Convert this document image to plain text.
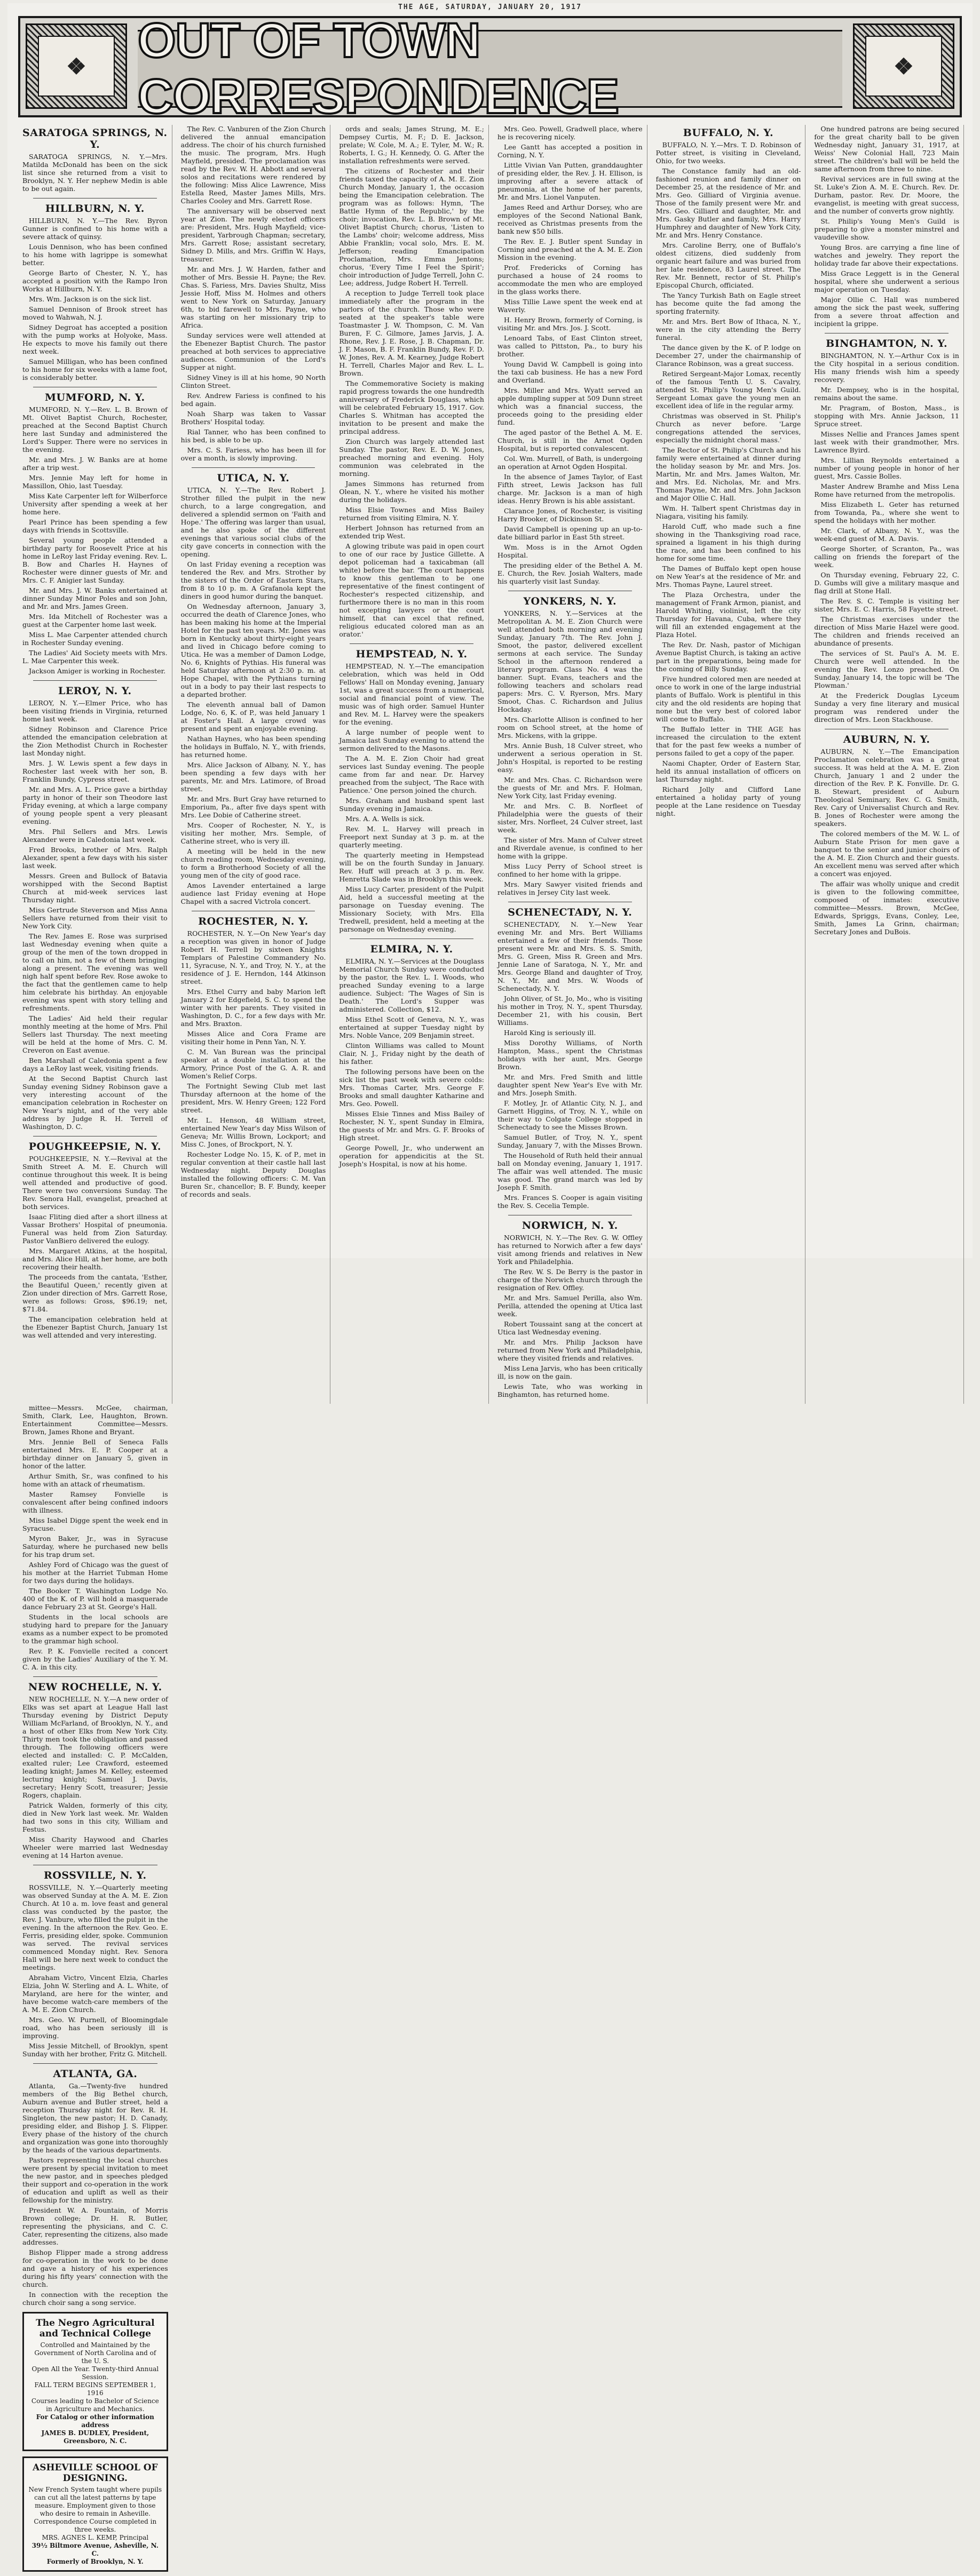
THE AGE, SATURDAY, JANUARY 20, 1917
❖	OUT OF TOWN CORRESPONDENCE
❖
SARATOGA SPRINGS, N. Y.

SARATOGA SPRINGS, N. Y.—Mrs. Matilda McDonald has been on the sick list since she returned from a visit to Brooklyn, N. Y. Her nephew Medin is able to be out again.

HILLBURN, N. Y.

HILLBURN, N. Y.—The Rev. Byron Gunner is confined to his home with a severe attack of quinsy.

Louis Dennison, who has been confined to his home with lagrippe is somewhat better.

George Barto of Chester, N. Y., has accepted a position with the Rampo Iron Works at Hillburn, N. Y.

Mrs. Wm. Jackson is on the sick list.

Samuel Dennison of Brook street has moved to Wahwah, N. J.

Sidney Degroat has accepted a position with the pump works at Holyoke, Mass. He expects to move his family out there next week.

Samuel Milligan, who has been confined to his home for six weeks with a lame foot, is considerably better.

MUMFORD, N. Y.

MUMFORD, N. Y.—Rev. L. B. Brown of Mt. Olivet Baptist Church, Rochester, preached at the Second Baptist Church here last Sunday and administered the Lord's Supper. There were no services in the evening.

Mr. and Mrs. J. W. Banks are at home after a trip west.

Mrs. Jennie May left for home in Massillon, Ohio, last Tuesday.

Miss Kate Carpenter left for Wilberforce University after spending a week at her home here.

Pearl Prince has been spending a few days with friends in Scottsville.

Several young people attended a birthday party for Roosevelt Price at his home in LeRoy last Friday evening. Rev. L. B. Bow and Charles H. Haynes of Rochester were dinner guests of Mr. and Mrs. C. F. Anigier last Sunday.

Mr. and Mrs. J. W. Banks entertained at dinner Sunday Minor Poles and son John, and Mr. and Mrs. James Green.

Mrs. Ida Mitchell of Rochester was a guest at the Carpenter home last week.

Miss L. Mae Carpenter attended church in Rochester Sunday evening.

The Ladies' Aid Society meets with Mrs. L. Mae Carpenter this week.

Jackson Amiger is working in Rochester.

LEROY, N. Y.

LEROY, N. Y.—Elmer Price, who has been visiting friends in Virginia, returned home last week.

Sidney Robinson and Clarence Price attended the emancipation celebration at the Zion Methodist Church in Rochester last Monday night.

Mrs. J. W. Lewis spent a few days in Rochester last week with her son, B. Franklin Bundy, Cypress street.

Mr. and Mrs. A. L. Price gave a birthday party in honor of their son Theodore last Friday evening, at which a large company of young people spent a very pleasant evening.

Mrs. Phil Sellers and Mrs. Lewis Alexander were in Caledonia last week.

Fred Brooks, brother of Mrs. Ralph Alexander, spent a few days with his sister last week.

Messrs. Green and Bullock of Batavia worshipped with the Second Baptist Church at mid-week services last Thursday night.

Miss Gertrude Steverson and Miss Anna Sellers have returned from their visit to New York City.

The Rev. James E. Rose was surprised last Wednesday evening when quite a group of the men of the town dropped in to call on him, not a few of them bringing along a present. The evening was well nigh half spent before Rev. Rose awoke to the fact that the gentlemen came to help him celebrate his birthday. An enjoyable evening was spent with story telling and refreshments.

The Ladies' Aid held their regular monthly meeting at the home of Mrs. Phil Sellers last Thursday. The next meeting will be held at the home of Mrs. C. M. Creveron on East avenue.

Ben Marshall of Caledonia spent a few days a LeRoy last week, visiting friends.

At the Second Baptist Church last Sunday evening Sidney Robinson gave a very interesting account of the emancipation celebration in Rochester on New Year's night, and of the very able address by Judge R. H. Terrell of Washington, D. C.

POUGHKEEPSIE, N. Y.

POUGHKEEPSIE, N. Y.—Revival at the Smith Street A. M. E. Church will continue throughout this week. It is being well attended and productive of good. There were two conversions Sunday. The Rev. Senora Hall, evangelist, preached at both services.

Isaac Fliting died after a short illness at Vassar Brothers' Hospital of pneumonia. Funeral was held from Zion Saturday. Pastor VanBiero delivered the eulogy.

Mrs. Margaret Atkins, at the hospital, and Mrs. Alice Hill, at her home, are both recovering their health.

The proceeds from the cantata, 'Esther, the Beautiful Queen,' recently given at Zion under direction of Mrs. Garrett Rose, were as follows: Gross, $96.19; net, $71.84.

The emancipation celebration held at the Ebenezer Baptist Church, January 1st was well attended and very interesting.

The Rev. C. Vanburen of the Zion Church delivered the annual emancipation address. The choir of his church furnished the music. The program, Mrs. Hugh Mayfield, presided. The proclamation was read by the Rev. W. H. Abbott and several solos and recitations were rendered by the following: Miss Alice Lawrence, Miss Estella Reed, Master James Mills, Mrs. Charles Cooley and Mrs. Garrett Rose.

The anniversary will be observed next year at Zion. The newly elected officers are: President, Mrs. Hugh Mayfield; vice-president, Yarbrough Chapman; secretary, Mrs. Garrett Rose; assistant secretary, Sidney D. Mills, and Mrs. Griffin W. Hays, treasurer.

Mr. and Mrs. J. W. Harden, father and mother of Mrs. Bessie H. Payne; the Rev. Chas. S. Fariess, Mrs. Davies Shultz, Miss Jessie Hoff, Miss M. Holmes and others went to New York on Saturday, January 6th, to bid farewell to Mrs. Payne, who was starting on her missionary trip to Africa.

Sunday services were well attended at the Ebenezer Baptist Church. The pastor preached at both services to appreciative audiences. Communion of the Lord's Supper at night.

Sidney Viney is ill at his home, 90 North Clinton Street.

Rev. Andrew Fariess is confined to his bed again.

Noah Sharp was taken to Vassar Brothers' Hospital today.

Rial Tanner, who has been confined to his bed, is able to be up.

Mrs. C. S. Fariess, who has been ill for over a month, is slowly improving.

UTICA, N. Y.

UTICA, N. Y.—The Rev. Robert J. Strother filled the pulpit in the new church, to a large congregation, and delivered a splendid sermon on 'Faith and Hope.' The offering was larger than usual, and he also spoke of the different evenings that various social clubs of the city gave concerts in connection with the opening.

On last Friday evening a reception was tendered the Rev. and Mrs. Strother by the sisters of the Order of Eastern Stars, from 8 to 10 p. m. A Grafanola kept the diners in good humor during the banquet.

On Wednesday afternoon, January 3, occurred the death of Clarence Jones, who has been making his home at the Imperial Hotel for the past ten years. Mr. Jones was born in Kentucky about thirty-eight years and lived in Chicago before coming to Utica. He was a member of Damon Lodge, No. 6, Knights of Pythias. His funeral was held Saturday afternoon at 2:30 p. m. at Hope Chapel, with the Pythians turning out in a body to pay their last respects to a departed brother.

The eleventh annual ball of Damon Lodge, No. 6, K. of P., was held January 1 at Foster's Hall. A large crowd was present and spent an enjoyable evening.

Nathan Haynes, who has been spending the holidays in Buffalo, N. Y., with friends, has returned home.

Mrs. Alice Jackson of Albany, N. Y., has been spending a few days with her parents, Mr. and Mrs. Latimore, of Broad street.

Mr. and Mrs. Burt Gray have returned to Emporium, Pa., after five days spent with Mrs. Lee Dobie of Catherine street.

Mrs. Cooper of Rochester, N. Y., is visiting her mother, Mrs. Semple, of Catherine street, who is very ill.

A meeting will be held in the new church reading room, Wednesday evening, to form a Brotherhood Society of all the young men of the city of good race.

Amos Lavender entertained a large audience last Friday evening at Hope Chapel with a sacred Victrola concert.

ROCHESTER, N. Y.

ROCHESTER, N. Y.—On New Year's day a reception was given in honor of Judge Robert H. Terrell by sixteen Knights Templars of Palestine Commandery No. 11, Syracuse, N. Y., and Troy, N. Y., at the residence of J. E. Herndon, 144 Atkinson street.

Mrs. Ethel Curry and baby Marion left January 2 for Edgefield, S. C. to spend the winter with her parents. They visited in Washington, D. C., for a few days with Mr. and Mrs. Braxton.

Misses Alice and Cora Frame are visiting their home in Penn Yan, N. Y.

C. M. Van Burean was the principal speaker at a double installation at the Armory, Prince Post of the G. A. R. and Women's Relief Corps.

The Fortnight Sewing Club met last Thursday afternoon at the home of the president, Mrs. W. Henry Green; 122 Ford street.

Mr. L. Henson, 48 William street, entertained New Year's day Miss Wilson of Geneva; Mr. Willis Brown, Lockport; and Miss C. Jones, of Brockport, N. Y.

Rochester Lodge No. 15, K. of P., met in regular convention at their castle hall last Wednesday night. Deputy Douglas installed the following officers: C. M. Van Buren Sr., chancellor; B. F. Bundy, keeper of records and seals.

ords and seals; James Strung, M. E.; Dempsey Curtis, M. F.; D. E. Jackson, prelate; W. Cole, M. A.; E. Tyler, M. W.; R. Roberts, I. G.; H. Kennedy, O. G. After the installation refreshments were served.

The citizens of Rochester and their friends taxed the capacity of A. M. E. Zion Church Monday, January 1, the occasion being the Emancipation celebration. The program was as follows: Hymn, 'The Battle Hymn of the Republic,' by the choir; invocation, Rev. L. B. Brown of Mt. Olivet Baptist Church; chorus, 'Listen to the Lambs' choir; welcome address, Miss Abbie Franklin; vocal solo, Mrs. E. M. Jefferson; reading Emancipation Proclamation, Mrs. Emma Jentons; chorus, 'Every Time I Feel the Spirit'; choir introduction of Judge Terrell, John C. Lee; address, Judge Robert H. Terrell.

A reception to Judge Terrell took place immediately after the program in the parlors of the church. Those who were seated at the speaker's table were Toastmaster J. W. Thompson, C. M. Van Buren, F. C. Gilmore, James Jarvis, J. A. Rhone, Rev. J. E. Rose, J. B. Chapman, Dr. J. F. Mason, B. F. Franklin Bundy, Rev. F. D. W. Jones, Rev. A. M. Kearney, Judge Robert H. Terrell, Charles Major and Rev. L. L. Brown.

The Commemorative Society is making rapid progress towards the one hundredth anniversary of Frederick Douglass, which will be celebrated February 15, 1917. Gov. Charles S. Whitman has accepted the invitation to be present and make the principal address.

Zion Church was largely attended last Sunday. The pastor, Rev. E. D. W. Jones, preached morning and evening. Holy communion was celebrated in the morning.

James Simmons has returned from Olean, N. Y., where he visited his mother during the holidays.

Miss Elsie Townes and Miss Bailey returned from visiting Elmira, N. Y.

Herbert Johnson has returned from an extended trip West.

A glowing tribute was paid in open court to one of our race by Justice Gillette. A depot policeman had a taxicabman (all white) before the bar. 'The court happens to know this gentleman to be one representative of the finest contingent of Rochester's respected citizenship, and furthermore there is no man in this room not excepting lawyers or the court himself, that can excel that refined, religious educated colored man as an orator.'

HEMPSTEAD, N. Y.

HEMPSTEAD, N. Y.—The emancipation celebration, which was held in Odd Fellows' Hall on Monday evening, January 1st, was a great success from a numerical, social and financial point of view. The music was of high order. Samuel Hunter and Rev. M. L. Harvey were the speakers for the evening.

A large number of people went to Jamaica last Sunday evening to attend the sermon delivered to the Masons.

The A. M. E. Zion Choir had great services last Sunday evening. The people came from far and near. Dr. Harvey preached from the subject, 'The Race with Patience.' One person joined the church.

Mrs. Graham and husband spent last Sunday evening in Jamaica.

Mrs. A. A. Wells is sick.

Rev. M. L. Harvey will preach in Freeport next Sunday at 3 p. m. at the quarterly meeting.

The quarterly meeting in Hempstead will be on the fourth Sunday in January. Rev. Huff will preach at 3 p. m. Rev. Henretta Slade was in Brooklyn this week.

Miss Lucy Carter, president of the Pulpit Aid, held a successful meeting at the parsonage on Tuesday evening. The Missionary Society, with Mrs. Ella Tredwell, president, held a meeting at the parsonage on Wednesday evening.

ELMIRA, N. Y.

ELMIRA, N. Y.—Services at the Douglass Memorial Church Sunday were conducted by the pastor, the Rev. L. I. Woods, who preached Sunday evening to a large audience. Subject: 'The Wages of Sin is Death.' The Lord's Supper was administered. Collection, $12.

Miss Ethel Scott of Geneva, N. Y., was entertained at supper Tuesday night by Mrs. Noble Vance, 209 Benjamin street.

Clinton Williams was called to Mount Clair, N. J., Friday night by the death of his father.

The following persons have been on the sick list the past week with severe colds: Mrs. Thomas Carter, Mrs. George F. Brooks and small daughter Katharine and Mrs. Geo. Powell.

Misses Elsie Tinnes and Miss Bailey of Rochester, N. Y., spent Sunday in Elmira, the guests of Mr. and Mrs. G. F. Brooks of High street.

George Powell, Jr., who underwent an operation for appendicitis at the St. Joseph's Hospital, is now at his home.

Mrs. Geo. Powell, Gradwell place, where he is recovering nicely.

Lee Gantt has accepted a position in Corning, N. Y.

Little Vivian Van Putten, granddaughter of presiding elder, the Rev. J. H. Ellison, is improving after a severe attack of pneumonia, at the home of her parents, Mr. and Mrs. Lionel Vanputen.

James Reed and Arthur Dorsey, who are employes of the Second National Bank, received as Christmas presents from the bank new $50 bills.

The Rev. E. J. Butler spent Sunday in Corning and preached at the A. M. E. Zion Mission in the evening.

Prof. Fredericks of Corning has purchased a house of 24 rooms to accommodate the men who are employed in the glass works there.

Miss Tillie Lawe spent the week end at Waverly.

H. Henry Brown, formerly of Corning, is visiting Mr. and Mrs. Jos. J. Scott.

Lenoard Tabs, of East Clinton street, was called to Pittston, Pa., to bury his brother.

Young David W. Campbell is going into the taxi cab business. He has a new Ford and Overland.

Mrs. Miller and Mrs. Wyatt served an apple dumpling supper at 509 Dunn street which was a financial success, the proceeds going to the presiding elder fund.

The aged pastor of the Bethel A. M. E. Church, is still in the Arnot Ogden Hospital, but is reported convalescent.

Col. Wm. Murrell, of Bath, is undergoing an operation at Arnot Ogden Hospital.

In the absence of James Taylor, of East Fifth street, Lewis Jackson has full charge. Mr. Jackson is a man of high ideas. Henry Brown is his able assistant.

Clarance Jones, of Rochester, is visiting Harry Brooker, of Dickinson St.

David Campbell is opening up an up-to-date billiard parlor in East 5th street.

Wm. Moss is in the Arnot Ogden Hospital.

The presiding elder of the Bethel A. M. E. Church, the Rev. Josiah Walters, made his quarterly visit last Sunday.

YONKERS, N. Y.

YONKERS, N. Y.—Services at the Metropolitan A. M. E. Zion Church were well attended both morning and evening Sunday, January 7th. The Rev. John J. Smoot, the pastor, delivered excellent sermons at each service. The Sunday School in the afternoon rendered a literary program. Class No. 4 was the banner. Supt. Evans, teachers and the following teachers and scholars read papers: Mrs. C. V. Ryerson, Mrs. Mary Smoot, Chas. C. Richardson and Julius Hockaday.

Mrs. Charlotte Allison is confined to her room on School street, at the home of Mrs. Mickens, with la grippe.

Mrs. Annie Bush, 18 Culver street, who underwent a serious operation in St. John's Hospital, is reported to be resting easy.

Mr. and Mrs. Chas. C. Richardson were the guests of Mr. and Mrs. F. Holman, New York City, last Friday evening.

Mr. and Mrs. C. B. Norfleet of Philadelphia were the guests of their sister, Mrs. Norfleet, 24 Culver street, last week.

The sister of Mrs. Mann of Culver street and Riverdale avenue, is confined to her home with la grippe.

Miss Lucy Perry of School street is confined to her home with la grippe.

Mrs. Mary Sawyer visited friends and relatives in Jersey City last week.

SCHENECTADY, N. Y.

SCHENECTADY, N. Y.—New Year evening Mr. and Mrs. Bert Williams entertained a few of their friends. Those present were Mr. and Mrs. S. S. Smith, Mrs. G. Green, Miss R. Green and Mrs. Jennie Lane of Saratoga, N. Y., Mr. and Mrs. George Bland and daughter of Troy, N. Y., Mr. and Mrs. W. Woods of Schenectady, N. Y.

John Oliver, of St. Jo, Mo., who is visiting his mother in Troy, N. Y., spent Thursday, December 21, with his cousin, Bert Williams.

Harold King is seriously ill.

Miss Dorothy Williams, of North Hampton, Mass., spent the Christmas holidays with her aunt, Mrs. George Brown.

Mr. and Mrs. Fred Smith and little daughter spent New Year's Eve with Mr. and Mrs. Joseph Smith.

F. Motley, Jr. of Atlantic City, N. J., and Garnett Higgins, of Troy, N. Y., while on their way to Colgate College stopped in Schenectady to see the Misses Brown.

Samuel Butler, of Troy, N. Y., spent Sunday, January 7, with the Misses Brown.

The Household of Ruth held their annual ball on Monday evening, January 1, 1917. The affair was well attended. The music was good. The grand march was led by Joseph F. Smith.

Mrs. Frances S. Cooper is again visiting the Rev. S. Cecelia Temple.

NORWICH, N. Y.

NORWICH, N. Y.—The Rev. G. W. Offley has returned to Norwich after a few days' visit among friends and relatives in New York and Philadelphia.

The Rev. W. S. De Berry is the pastor in charge of the Norwich church through the resignation of Rev. Offley.

Mr. and Mrs. Samuel Perilla, also Wm. Perilla, attended the opening at Utica last week.

Robert Toussaint sang at the concert at Utica last Wednesday evening.

Mr. and Mrs. Philip Jackson have returned from New York and Philadelphia, where they visited friends and relatives.

Miss Lena Jarvis, who has been critically ill, is now on the gain.

Lewis Tate, who was working in Binghamton, has returned home.

BUFFALO, N. Y.

BUFFALO, N. Y.—Mrs. T. D. Robinson of Potter street, is visiting in Cleveland, Ohio, for two weeks.

The Constance family had an old-fashioned reunion and family dinner on December 25, at the residence of Mr. and Mrs. Geo. Gilliard of Virginia avenue. Those of the family present were Mr. and Mrs. Geo. Gilliard and daughter, Mr. and Mrs. Gasky Butler and family, Mrs. Harry Humphrey and daughter of New York City, Mr. and Mrs. Henry Constance.

Mrs. Caroline Berry, one of Buffalo's oldest citizens, died suddenly from organic heart failure and was buried from her late residence, 83 Laurel street. The Rev. Mr. Bennett, rector of St. Philip's Episcopal Church, officiated.

The Yancy Turkish Bath on Eagle street has become quite the fad among the sporting fraternity.

Mr. and Mrs. Bert Bow of Ithaca, N. Y., were in the city attending the Berry funeral.

The dance given by the K. of P. lodge on December 27, under the chairmanship of Clarance Robinson, was a great success.

Retired Sergeant-Major Lomax, recently of the famous Tenth U. S. Cavalry, attended St. Philip's Young Men's Guild. Sergeant Lomax gave the young men an excellent idea of life in the regular army.

Christmas was observed in St. Philip's Church as never before. 'Large congregations attended the services, especially the midnight choral mass.'

The Rector of St. Philip's Church and his family were entertained at dinner during the holiday season by Mr. and Mrs. Jos. Martin, Mr. and Mrs. James Walton, Mr. and Mrs. Ed. Nicholas, Mr. and Mrs. Thomas Payne, Mr. and Mrs. John Jackson and Major Ollie C. Hall.

Wm. H. Talbert spent Christmas day in Niagara, visiting his family.

Harold Cuff, who made such a fine showing in the Thanksgiving road race, sprained a ligament in his thigh during the race, and has been confined to his home for some time.

The Dames of Buffalo kept open house on New Year's at the residence of Mr. and Mrs. Thomas Payne, Laurel street.

The Plaza Orchestra, under the management of Frank Armon, pianist, and Harold Whiting, violinist, left the city Thursday for Havana, Cuba, where they will fill an extended engagement at the Plaza Hotel.

The Rev. Dr. Nash, pastor of Michigan Avenue Baptist Church, is taking an active part in the preparations, being made for the coming of Billy Sunday.

Five hundred colored men are needed at once to work in one of the large industrial plants of Buffalo. Work is plentiful in this city and the old residents are hoping that none but the very best of colored labor will come to Buffalo.

The Buffalo letter in THE AGE has increased the circulation to the extent that for the past few weeks a number of persons failed to get a copy of the paper.

Naomi Chapter, Order of Eastern Star, held its annual installation of officers on last Thursday night.

Richard Jolly and Clifford Lane entertained a holiday party of young people at the Lane residence on Tuesday night.

One hundred patrons are being secured for the great charity ball to be given Wednesday night, January 31, 1917, at Weiss' New Colonial Hall, 723 Main street. The children's ball will be held the same afternoon from three to nine.

Revival services are in full swing at the St. Luke's Zion A. M. E. Church. Rev. Dr. Durham, pastor. Rev. Dr. Moore, the evangelist, is meeting with great success, and the number of converts grow nightly.

St. Philip's Young Men's Guild is preparing to give a monster minstrel and vaudeville show.

Young Bros. are carrying a fine line of watches and jewelry. They report the holiday trade far above their expectations.

Miss Grace Leggett is in the General hospital, where she underwent a serious major operation on Tuesday.

Major Ollie C. Hall was numbered among the sick the past week, suffering from a severe throat affection and incipient la grippe.

BINGHAMTON, N. Y.

BINGHAMTON, N. Y.—Arthur Cox is in the City hospital in a serious condition. His many friends wish him a speedy recovery.

Mr. Dempsey, who is in the hospital, remains about the same.

Mr. Pragram, of Boston, Mass., is stopping with Mrs. Annie Jackson, 11 Spruce street.

Misses Nellie and Frances James spent last week with their grandmother, Mrs. Lawrence Byird.

Mrs. Lillian Reynolds entertained a number of young people in honor of her guest, Mrs. Cassie Bolles.

Master Andrew Bramhe and Miss Lena Rome have returned from the metropolis.

Miss Elizabeth L. Geter has returned from Towanda, Pa., where she went to spend the holidays with her mother.

Mr. Clark, of Albany, N. Y., was the week-end guest of M. A. Davis.

George Shorter, of Scranton, Pa., was calling on friends the forepart of the week.

On Thursday evening, February 22, C. D. Gumbs will give a military masque and flag drill at Stone Hall.

The Rev. S. C. Temple is visiting her sister, Mrs. E. C. Harris, 58 Fayette street.

The Christmas exercises under the direction of Miss Marie Hazel were good. The children and friends received an abundance of presents.

The services of St. Paul's A. M. E. Church were well attended. In the evening the Rev. Lonzo preached. On Sunday, January 14, the topic will be 'The Plowman.'

At the Frederick Douglas Lyceum Sunday a very fine literary and musical program was rendered under the direction of Mrs. Leon Stackhouse.

AUBURN, N. Y.

AUBURN, N. Y.—The Emancipation Proclamation celebration was a great success. It was held at the A. M. E. Zion Church, January 1 and 2 under the direction of the Rev. P. K. Fonville. Dr. G. B. Stewart, president of Auburn Theological Seminary, Rev. C. G. Smith, Rev. Cary of Universalist Church and Rev. B. Jones of Rochester were among the speakers.

The colored members of the M. W. L. of Auburn State Prison for men gave a banquet to the senior and junior choirs of the A. M. E. Zion Church and their guests. An excellent menu was served after which a concert was enjoyed.

The affair was wholly unique and credit is given to the following committee, composed of inmates: executive committee—Messrs. Brown, McGee, Edwards, Spriggs, Evans, Conley, Lee, Smith, James La Grinn, chairman; Secretary Jones and DuBois.

mittee—Messrs. McGee, chairman, Smith, Clark, Lee, Haughton, Brown. Entertainment Committee—Messrs. Brown, James Rhone and Bryant.

Mrs. Jennie Bell of Seneca Falls entertained Mrs. E. P. Cooper at a birthday dinner on January 5, given in honor of the latter.

Arthur Smith, Sr., was confined to his home with an attack of rheumatism.

Master Ramsey Fonvielle is convalescent after being confined indoors with illness.

Miss Isabel Digge spent the week end in Syracuse.

Myron Baker, Jr., was in Syracuse Saturday, where he purchased new bells for his trap drum set.

Ashley Ford of Chicago was the guest of his mother at the Harriet Tubman Home for two days during the holidays.

The Booker T. Washington Lodge No. 400 of the K. of P. will hold a masquerade dance February 23 at St. George's Hall.

Students in the local schools are studying hard to prepare for the January exams as a number expect to be promoted to the grammar high school.

Rev. P. K. Fonvielle recited a concert given by the Ladies' Auxiliary of the Y. M. C. A. in this city.

NEW ROCHELLE, N. Y.

NEW ROCHELLE, N. Y.—A new order of Elks was set apart at League Hall last Thursday evening by District Deputy William McFarland, of Brooklyn, N. Y., and a host of other Elks from New York City. Thirty men took the obligation and passed through. The following officers were elected and installed: C. P. McCalden, exalted ruler; Lee Crawford, esteemed leading knight; James M. Kelley, esteemed lecturing knight; Samuel J. Davis, secretary; Henry Scott, treasurer; Jessie Rogers, chaplain.

Patrick Walden, formerly of this city, died in New York last week. Mr. Walden had two sons in this city, William and Festus.

Miss Charity Haywood and Charles Wheeler were married last Wednesday evening at 14 Harton avenue.

ROSSVILLE, N. Y.

ROSSVILLE, N. Y.—Quarterly meeting was observed Sunday at the A. M. E. Zion Church. At 10 a. m. love feast and general class was conducted by the pastor, the Rev. J. Vanbure, who filled the pulpit in the evening. In the afternoon the Rev. Geo. E. Ferris, presiding elder, spoke. Communion was served. The revival services commenced Monday night. Rev. Senora Hall will be here next week to conduct the meetings.

Abraham Victro, Vincent Elzia, Charles Elzia, John W. Sterling and A. L. White, of Maryland, are here for the winter, and have become watch-care members of the A. M. E. Zion Church.

Mrs. Geo. W. Purnell, of Bloomingdale road, who has been seriously ill is improving.

Miss Jessie Mitchell, of Brooklyn, spent Sunday with her brother, Fritz G. Mitchell.

ATLANTA, GA.

Atlanta, Ga.—Twenty-five hundred members of the Big Bethel church, Auburn avenue and Butler street, held a reception Thursday night for Rev. R. H. Singleton, the new pastor; H. D. Canady, presiding elder, and Bishop J. S. Flipper. Every phase of the history of the church and organization was gone into thoroughly by the heads of the various departments.

Pastors representing the local churches were present by special invitation to meet the new pastor, and in speeches pledged their support and co-operation in the work of education and uplift as well as their fellowship for the ministry.

President W. A. Fountain, of Morris Brown college; Dr. H. R. Butler, representing the physicians, and C. C. Cater, representing the citizens, also made addresses.

Bishop Flipper made a strong address for co-operation in the work to be done and gave a history of his experiences during his fifty years' connection with the church.

In connection with the reception the church choir sang a song service.

The Negro Agricultural and Technical College
Controlled and Maintained by the Government of North Carolina and of the U. S.
Open All the Year. Twenty-third Annual Session.
FALL TERM BEGINS SEPTEMBER 1, 1916
Courses leading to Bachelor of Science in Agriculture and Mechanics.
For Catalog or other information address
JAMES B. DUDLEY, President, Greensboro, N. C.
ASHEVILLE SCHOOL OF DESIGNING.
New French System taught where pupils can cut all the latest patterns by tape measure. Employment given to those who desire to remain in Asheville. Correspondence Course completed in three weeks.
MRS. AGNES L. KEMP, Principal
39½ Biltmore Avenue, Asheville, N. C.
Formerly of Brooklyn, N. Y.
